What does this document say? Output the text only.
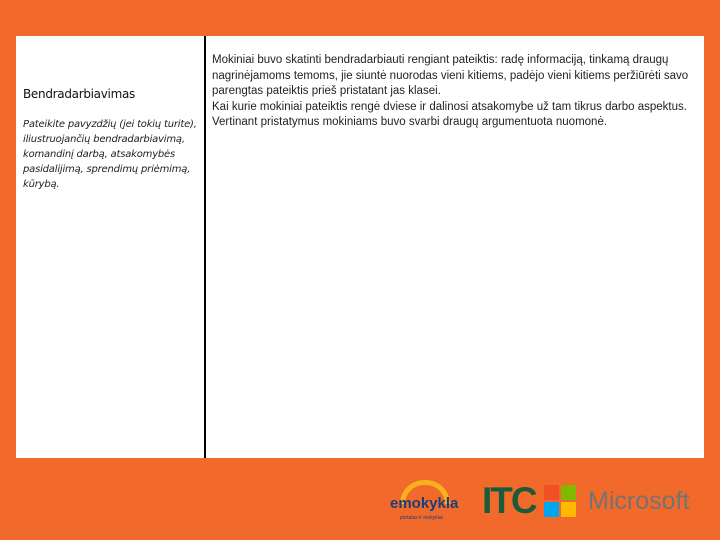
Bendradarbiavimas
Pateikite pavyzdžių (jei tokių turite), iliustruojančių bendradarbiavimą, komandinį darbą, atsakomybės pasidalijimą, sprendimų priėmimą, kūrybą.

Mokiniai buvo skatinti bendradarbiauti rengiant pateiktis: radę informaciją, tinkamą draugų nagrinėjamoms temoms, jie siuntė nuorodas vieni kitiems, padėjo vieni kitiems peržiūrėti savo parengtas pateiktis prieš pristatant jas klasei.

Kai kurie mokiniai pateiktis rengė dviese ir dalinosi atsakomybe už tam tikrus darbo aspektus.

Vertinant pristatymus mokiniams buvo svarbi draugų argumentuota nuomonė.

emokykla
portalas ir mokyklai ITC Microsoft
